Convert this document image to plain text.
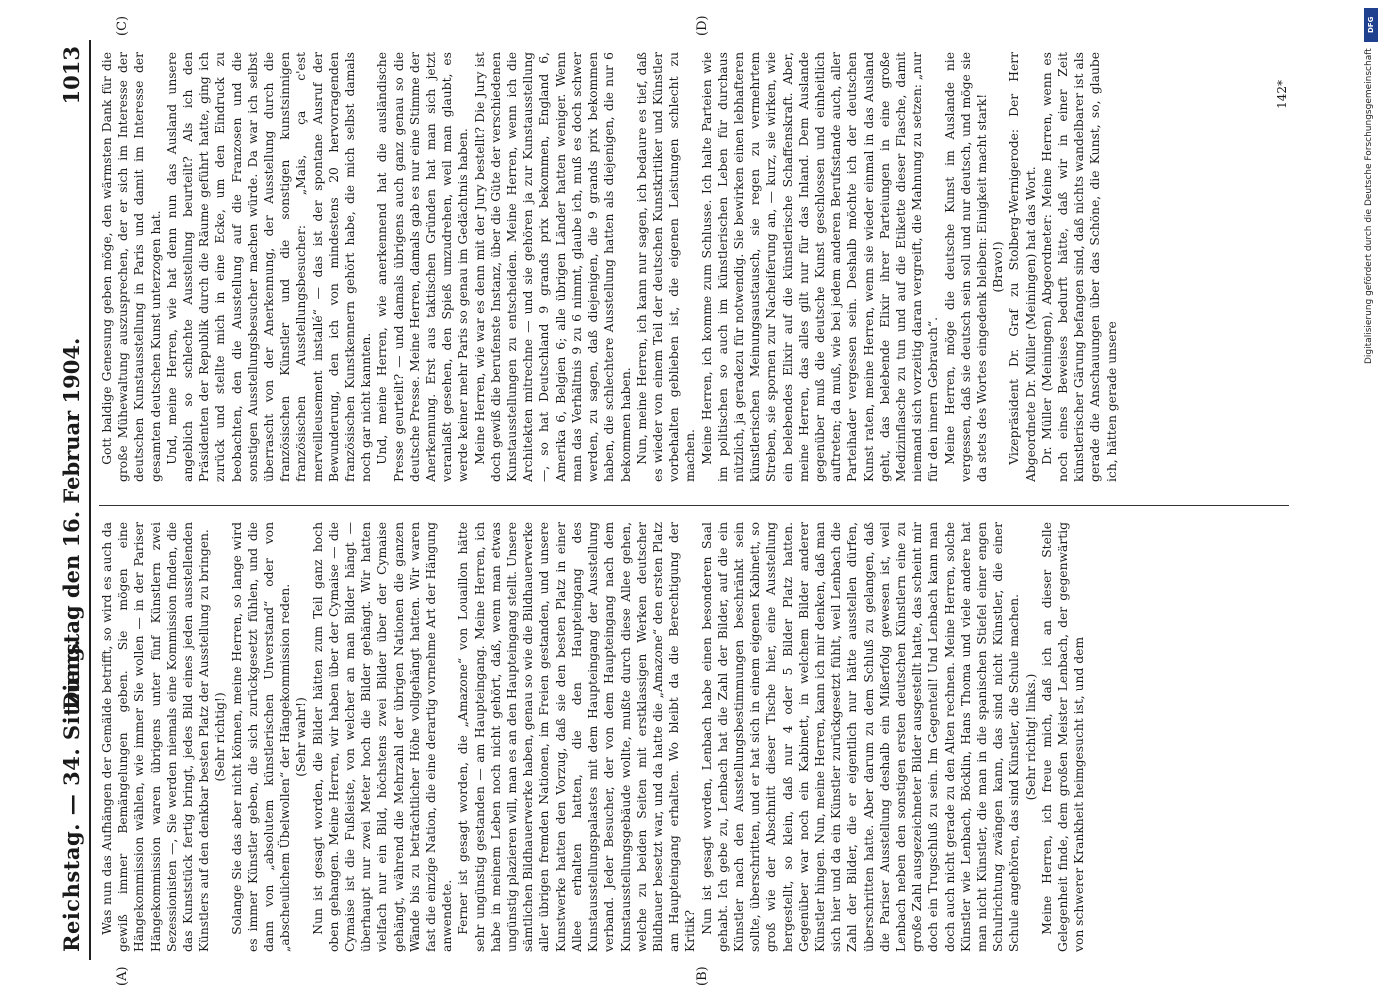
Reichstag. — 34. Sitzung.
Dienstag den 16. Februar 1904.
1013
(A)	(B)
(C)	(D)

Was nun das Aufhängen der Gemälde betrifft, so wird es auch da gewiß immer Bemängelungen geben. Sie mögen eine Hängekommission wählen, wie immer Sie wollen — in der Pariser Hängekommission waren übrigens unter fünf Künstlern zwei Sezessionisten —, Sie werden niemals eine Kommission finden, die das Kunststück fertig bringt, jedes Bild eines jeden ausstellenden Künstlers auf den denkbar besten Platz der Ausstellung zu bringen. (Sehr richtig!) Solange Sie das aber nicht können, meine Herren, so lange wird es immer Künstler geben, die sich zurückgesetzt fühlen, und die dann von „absolutem künstlerischen Unverstand“ oder von „abscheulichem Übelwollen“ der Hängekommission reden. (Sehr wahr!) Nun ist gesagt worden, die Bilder hätten zum Teil ganz hoch oben gehangen. Meine Herren, wir haben über der Cymaise — die Cymaise ist die Fußleiste, von welcher an man Bilder hängt — überhaupt nur zwei Meter hoch die Bilder gehängt. Wir hatten vielfach nur ein Bild, höchstens zwei Bilder über der Cymaise gehängt, während die Mehrzahl der übrigen Nationen die ganzen Wände bis zu beträchtlicher Höhe vollgehängt hatten. Wir waren fast die einzige Nation, die eine derartig vornehme Art der Hängung anwendete. Ferner ist gesagt worden, die „Amazone“ von Louaillon hätte sehr ungünstig gestanden — am Haupteingang. Meine Herren, ich habe in meinem Leben noch nicht gehört, daß, wenn man etwas ungünstig plazieren will, man es an den Haupteingang stellt. Unsere sämtlichen Bildhauerwerke haben, genau so wie die Bildhauerwerke aller übrigen fremden Nationen, im Freien gestanden, und unsere Kunstwerke hatten den Vorzug, daß sie den besten Platz in einer Allee erhalten hatten, die den Haupteingang des Kunstausstellungspalastes mit dem Haupteingang der Ausstellung verband. Jeder Besucher, der von dem Haupteingang nach dem Kunstausstellungsgebäude wollte, mußte durch diese Allee gehen, welche zu beiden Seiten mit erstklassigen Werken deutscher Bildhauer besetzt war, und da hatte die „Amazone“ den ersten Platz am Haupteingang erhalten. Wo bleibt da die Berechtigung der Kritik? Nun ist gesagt worden, Lenbach habe einen besonderen Saal gehabt. Ich gebe zu, Lenbach hat die Zahl der Bilder, auf die ein Künstler nach den Ausstellungsbestimmungen beschränkt sein sollte, überschritten, und er hat sich in einem eigenen Kabinett, so groß wie der Abschnitt dieser Tische hier, eine Ausstellung hergestellt, so klein, daß nur 4 oder 5 Bilder Platz hatten. Gegenüber war noch ein Kabinett, in welchem Bilder anderer Künstler hingen. Nun, meine Herren, kann ich mir denken, daß man sich hier und da ein Künstler zurückgesetzt fühlt, weil Lenbach die Zahl der Bilder, die er eigentlich nur hätte ausstellen dürfen, überschritten hatte. Aber darum zu dem Schluß zu gelangen, daß die Pariser Ausstellung deshalb ein Mißerfolg gewesen ist, weil Lenbach neben den sonstigen ersten deutschen Künstlern eine zu große Zahl ausgezeichneter Bilder ausgestellt hatte, das scheint mir doch ein Trugschluß zu sein. Im Gegenteil! Und Lenbach kann man doch auch nicht gerade zu den Alten rechnen. Meine Herren, solche Künstler wie Lenbach, Böcklin, Hans Thoma und viele andere hat man nicht Künstler, die man in die spanischen Stiefel einer engen Schulrichtung zwängen kann, das sind nicht Künstler, die einer Schule angehören, das sind Künstler, die Schule machen. (Sehr richtig! links.) Meine Herren, ich freue mich, daß ich an dieser Stelle Gelegenheit finde, dem großen Meister Lenbach, der gegenwärtig von schwerer Krankheit heimgesucht ist, und dem

Gott baldige Genesung geben möge, den wärmsten Dank für die große Mühewaltung auszusprechen, der er sich im Interesse der deutschen Kunstausstellung in Paris und damit im Interesse der gesamten deutschen Kunst unterzogen hat. Und, meine Herren, wie hat denn nun das Ausland unsere angeblich so schlechte Ausstellung beurteilt? Als ich den Präsidenten der Republik durch die Räume geführt hatte, ging ich zurück und stellte mich in eine Ecke, um den Eindruck zu beobachten, den die Ausstellung auf die Franzosen und die sonstigen Ausstellungsbesucher machen würde. Da war ich selbst überrascht von der Anerkennung, der Ausstellung durch die französischen Künstler und die sonstigen kunstsinnigen französischen Ausstellungsbesucher: „Mais, ça c'est merveilleusement installé“ — das ist der spontane Ausruf der Bewunderung, den ich von mindestens 20 hervorragenden französischen Kunstkennern gehört habe, die mich selbst damals noch gar nicht kannten. Und, meine Herren, wie anerkennend hat die ausländische Presse geurteilt? — und damals übrigens auch ganz genau so die deutsche Presse. Meine Herren, damals gab es nur eine Stimme der Anerkennung. Erst aus taktischen Gründen hat man sich jetzt veranlaßt gesehen, den Spieß umzudrehen, weil man glaubt, es werde keiner mehr Paris so genau im Gedächtnis haben. Meine Herren, wie war es denn mit der Jury bestellt? Die Jury ist doch gewiß die berufenste Instanz, über die Güte der verschiedenen Kunstausstellungen zu entscheiden. Meine Herren, wenn ich die Architekten mitrechne — und sie gehören ja zur Kunstausstellung —, so hat Deutschland 9 grands prix bekommen, England 6, Amerika 6, Belgien 6; alle übrigen Länder hatten weniger. Wenn man das Verhältnis 9 zu 6 nimmt, glaube ich, muß es doch schwer werden, zu sagen, daß diejenigen, die 9 grands prix bekommen haben, die schlechtere Ausstellung hatten als diejenigen, die nur 6 bekommen haben. Nun, meine Herren, ich kann nur sagen, ich bedaure es tief, daß es wieder von einem Teil der deutschen Kunstkritiker und Künstler vorbehalten geblieben ist, die eigenen Leistungen schlecht zu machen. Meine Herren, ich komme zum Schlusse. Ich halte Parteien wie im politischen so auch im künstlerischen Leben für durchaus nützlich, ja geradezu für notwendig. Sie bewirken einen lebhafteren künstlerischen Meinungsaustausch, sie regen zu vermehrtem Streben, sie spornen zur Nacheiferung an, — kurz, sie wirken, wie ein belebendes Elixir auf die künstlerische Schaffenskraft. Aber, meine Herren, das alles gilt nur für das Inland. Dem Auslande gegenüber muß die deutsche Kunst geschlossen und einheitlich auftreten; da muß, wie bei jedem anderen Berufsstande auch, aller Parteihader vergessen sein. Deshalb möchte ich der deutschen Kunst raten, meine Herren, wenn sie wieder einmal in das Ausland geht, das belebende Elixir ihrer Parteiungen in eine große Medizinflasche zu tun und auf die Etikette dieser Flasche, damit niemand sich vorzeitig daran vergreift, die Mahnung zu setzen: „nur für den innern Gebrauch“. Meine Herren, möge die deutsche Kunst im Auslande nie vergessen, daß sie deutsch sein soll und nur deutsch, und möge sie da stets des Wortes eingedenk bleiben: Einigkeit macht stark! (Bravo!) Vizepräsident Dr. Graf zu Stolberg-Wernigerode: Der Herr Abgeordnete Dr. Müller (Meiningen) hat das Wort. Dr. Müller (Meiningen), Abgeordneter: Meine Herren, wenn es noch eines Beweises bedurft hätte, daß wir in einer Zeit künstlerischer Gärung befangen sind, daß nichts wandelbarer ist als gerade die Anschauungen über das Schöne, die Kunst, so, glaube ich, hätten gerade unsere

142*
DFG
Digitalisierung gefördert durch die Deutsche Forschungsgemeinschaft
